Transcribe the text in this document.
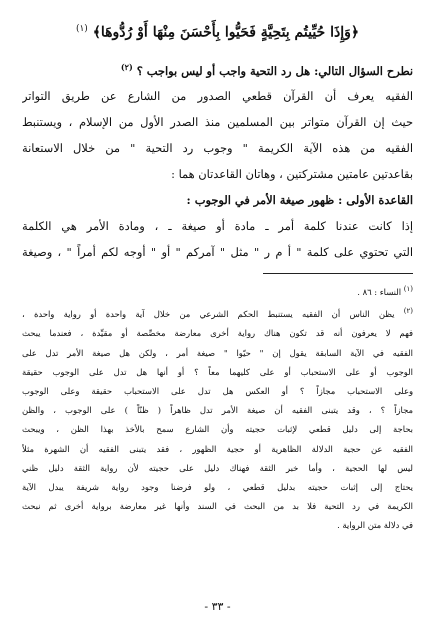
﴿وَإِذَا حُيِّيتُم بِتَحِيَّةٍ فَحَيُّوا بِأَحْسَنَ مِنْهَا أَوْ رُدُّوهَا﴾ $^{(١)}$
نطرح السؤال التالي: هل رد التحية واجب أو ليس بواجب ؟ $^{(٢)}$
الفقيه يعرف أن القرآن قطعي الصدور من الشارع عن طريق التواتر
حيث إن القرآن متواتر بين المسلمين منذ الصدر الأول من الإسلام ، ويستنبط
الفقيه من هذه الآية الكريمة " وجوب رد التحية " من خلال الاستعانة
بقاعدتين عامتين مشتركتين ، وهاتان القاعدتان هما :
القاعدة الأولى : ظهور صيغة الأمر في الوجوب :
إذا كانت عندنا كلمة أمر ـ مادة أو صيغة ـ ، ومادة الأمر هي الكلمة
التي تحتوي على كلمة " أ م ر " مثل " آمركم " أو " أوجه لكم أمراً " ، وصيغة
$^{(١)}$ النساء : ٨٦ .
$^{(٢)}$ يظن الناس أن الفقيه يستنبط الحكم الشرعي من خلال آية واحدة أو رواية واحدة ،
فهم لا يعرفون أنه قد تكون هناك رواية أخرى معارضة مخصِّصة أو مقيِّدة ، فعندما يبحث
الفقيه في الآية السابقة يقول إن " حيّوا " صيغة أمر ، ولكن هل صيغة الأمر تدل على
الوجوب أو على الاستحباب أو على كليهما معاً ؟ أو أنها هل تدل على الوجوب حقيقة
وعلى الاستحباب مجازاً ؟ أو العكس هل تدل على الاستحباب حقيقة وعلى الوجوب
مجازاً ؟ ، وقد يتبنى الفقيه أن صيغة الأمر تدل ظاهراً ( ظنّاً ) على الوجوب ، والظن
بحاجة إلى دليل قطعي لإثبات حجيته وأن الشارع سمح بالأخذ بهذا الظن ، ويبحث
الفقيه عن حجية الدلالة الظاهرية أو حجية الظهور ، فقد يتبنى الفقيه أن الشهرة مثلاً
ليس لها الحجية ، وأما خبر الثقة فهناك دليل على حجيته لأن رواية الثقة دليل ظني
يحتاج إلى إثبات حجيته بدليل قطعي ، ولو فرضنا وجود رواية شريفة يبدل الآية
الكريمة في رد التحية فلا بد من البحث في السند وأنها غير معارضة برواية أخرى ثم نبحث
في دلالة متن الرواية .
- ٣٣ -
